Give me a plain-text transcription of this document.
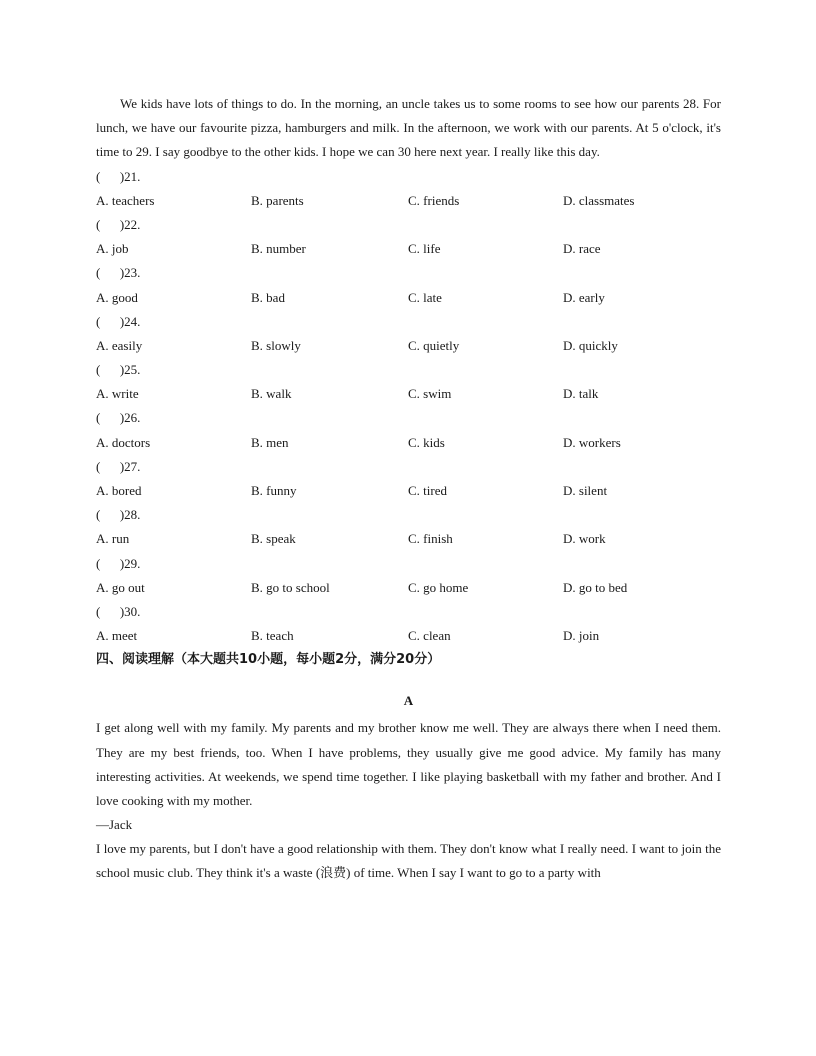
We kids have lots of things to do. In the morning, an uncle takes us to some rooms to see how our parents 28. For lunch, we have our favourite pizza, hamburgers and milk. In the afternoon, we work with our parents. At 5 o'clock, it's time to 29. I say goodbye to the other kids. I hope we can 30 here next year. I really like this day.

(      )21.
A. teachers	B. parents	C. friends	D. classmates
(      )22.
A. job	B. number	C. life	D. race
(      )23.
A. good	B. bad	C. late	D. early
(      )24.
A. easily	B. slowly	C. quietly	D. quickly
(      )25.
A. write	B. walk	C. swim	D. talk
(      )26.
A. doctors	B. men	C. kids	D. workers
(      )27.
A. bored	B. funny	C. tired	D. silent
(      )28.
A. run	B. speak	C. finish	D. work
(      )29.
A. go out	B. go to school	C. go home	D. go to bed
(      )30.
A. meet	B. teach	C. clean	D. join
四、阅读理解（本大题共10小题，每小题2分，满分20分）
A

I get along well with my family. My parents and my brother know me well. They are always there when I need them. They are my best friends, too. When I have problems, they usually give me good advice. My family has many interesting activities. At weekends, we spend time together. I like playing basketball with my father and brother. And I love cooking with my mother.

—Jack

I love my parents, but I don't have a good relationship with them. They don't know what I really need. I want to join the school music club. They think it's a waste (浪费) of time. When I say I want to go to a party with
